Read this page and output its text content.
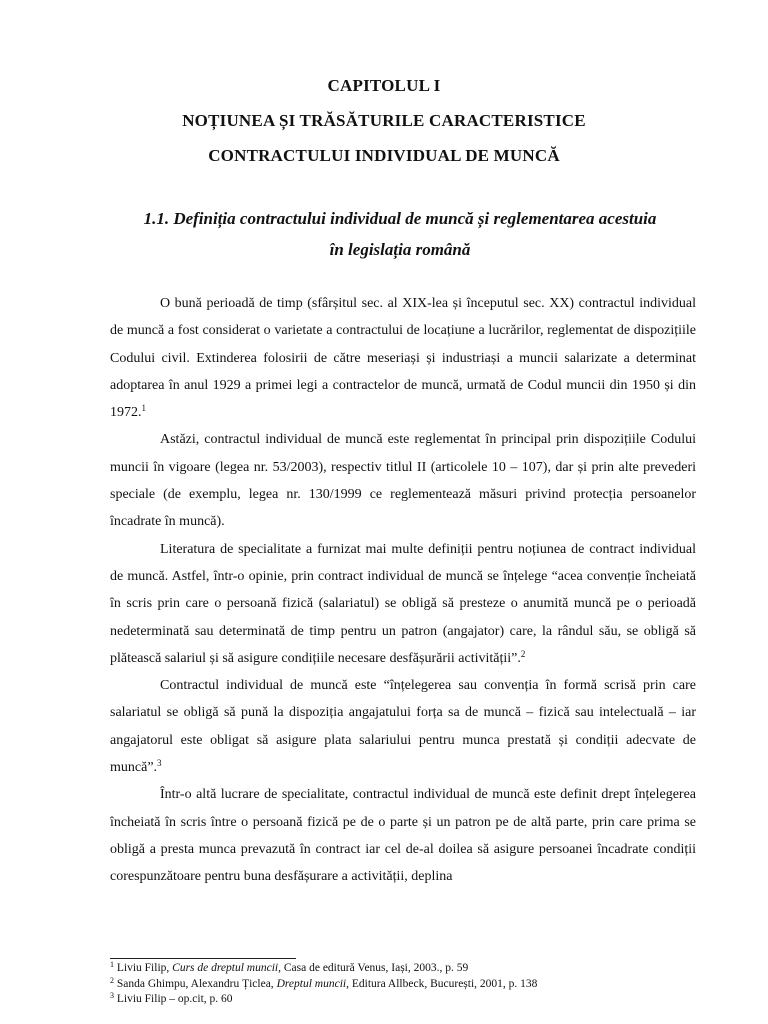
CAPITOLUL I
NOȚIUNEA ȘI TRĂSĂTURILE CARACTERISTICE
CONTRACTULUI INDIVIDUAL DE MUNCĂ
1.1. Definiția contractului individual de muncă și reglementarea acestuia
în legislația română

O bună perioadă de timp (sfârșitul sec. al XIX-lea și începutul sec. XX) contractul individual de muncă a fost considerat o varietate a contractului de locațiune a lucrărilor, reglementat de dispozițiile Codului civil. Extinderea folosirii de către meseriași și industriași a muncii salarizate a determinat adoptarea în anul 1929 a primei legi a contractelor de muncă, urmată de Codul muncii din 1950 și din 1972.$^1$

Astăzi, contractul individual de muncă este reglementat în principal prin dispozițiile Codului muncii în vigoare (legea nr. 53/2003), respectiv titlul II (articolele 10 – 107), dar și prin alte prevederi speciale (de exemplu, legea nr. 130/1999 ce reglementează măsuri privind protecția persoanelor încadrate în muncă).

Literatura de specialitate a furnizat mai multe definiții pentru noțiunea de contract individual de muncă. Astfel, într-o opinie, prin contract individual de muncă se înțelege “acea convenție încheiată în scris prin care o persoană fizică (salariatul) se obligă să presteze o anumită muncă pe o perioadă nedeterminată sau determinată de timp pentru un patron (angajator) care, la rândul său, se obligă să plătească salariul și să asigure condițiile necesare desfășurării activității”.$^2$

Contractul individual de muncă este “înțelegerea sau convenția în formă scrisă prin care salariatul se obligă să pună la dispoziția angajatului forța sa de muncă – fizică sau intelectuală – iar angajatorul este obligat să asigure plata salariului pentru munca prestată și condiții adecvate de muncă”.$^3$

Într-o altă lucrare de specialitate, contractul individual de muncă este definit drept înțelegerea încheiată în scris între o persoană fizică pe de o parte și un patron pe de altă parte, prin care prima se obligă a presta munca prevazută în contract iar cel de-al doilea să asigure persoanei încadrate condiții corespunzătoare pentru buna desfășurare a activității, deplina

$^1$ Liviu Filip, Curs de dreptul muncii, Casa de editură Venus, Iași, 2003., p. 59
$^2$ Sanda Ghimpu, Alexandru Țiclea, Dreptul muncii, Editura Allbeck, București, 2001, p. 138
$^3$ Liviu Filip – op.cit, p. 60
